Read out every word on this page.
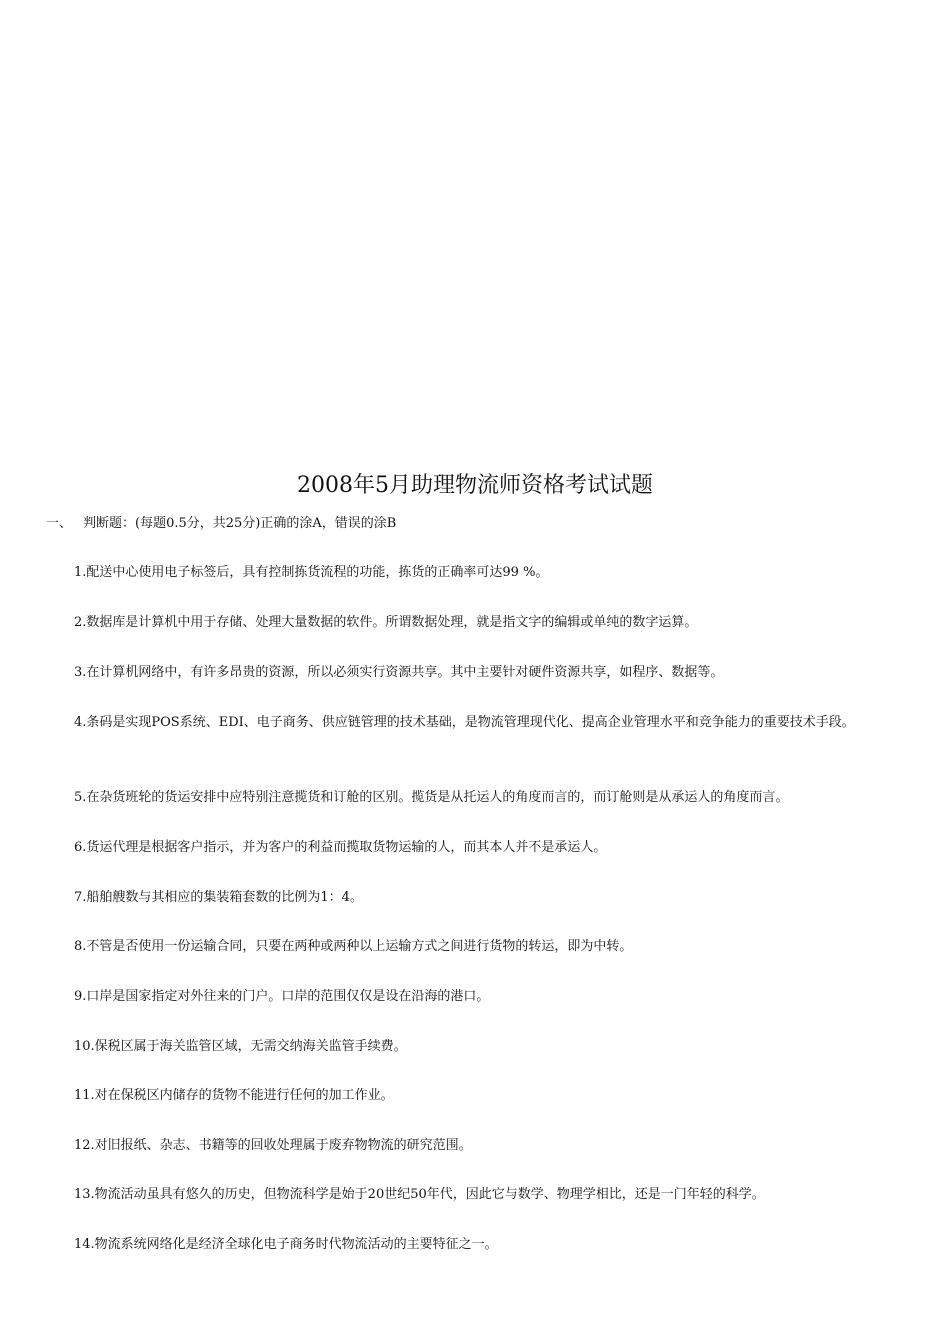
2008年5月助理物流师资格考试试题
一、 判断题：(每题0.5分，共25分)正确的涂A，错误的涂B

1.配送中心使用电子标签后，具有控制拣货流程的功能，拣货的正确率可达99 %。

2.数据库是计算机中用于存储、处理大量数据的软件。所谓数据处理，就是指文字的编辑或单纯的数字运算。

3.在计算机网络中，有许多昂贵的资源，所以必须实行资源共享。其中主要针对硬件资源共享，如程序、数据等。

4.条码是实现POS系统、EDI、电子商务、供应链管理的技术基础，是物流管理现代化、提高企业管理水平和竞争能力的重要技术手段。

5.在杂货班轮的货运安排中应特别注意揽货和订舱的区别。揽货是从托运人的角度而言的，而订舱则是从承运人的角度而言。

6.货运代理是根据客户指示，并为客户的利益而揽取货物运输的人，而其本人并不是承运人。

7.船舶艘数与其相应的集装箱套数的比例为1：4。

8.不管是否使用一份运输合同，只要在两种或两种以上运输方式之间进行货物的转运，即为中转。

9.口岸是国家指定对外往来的门户。口岸的范围仅仅是设在沿海的港口。

10.保税区属于海关监管区域，无需交纳海关监管手续费。

11.对在保税区内储存的货物不能进行任何的加工作业。

12.对旧报纸、杂志、书籍等的回收处理属于废弃物物流的研究范围。

13.物流活动虽具有悠久的历史，但物流科学是始于20世纪50年代，因此它与数学、物理学相比，还是一门年轻的科学。

14.物流系统网络化是经济全球化电子商务时代物流活动的主要特征之一。
